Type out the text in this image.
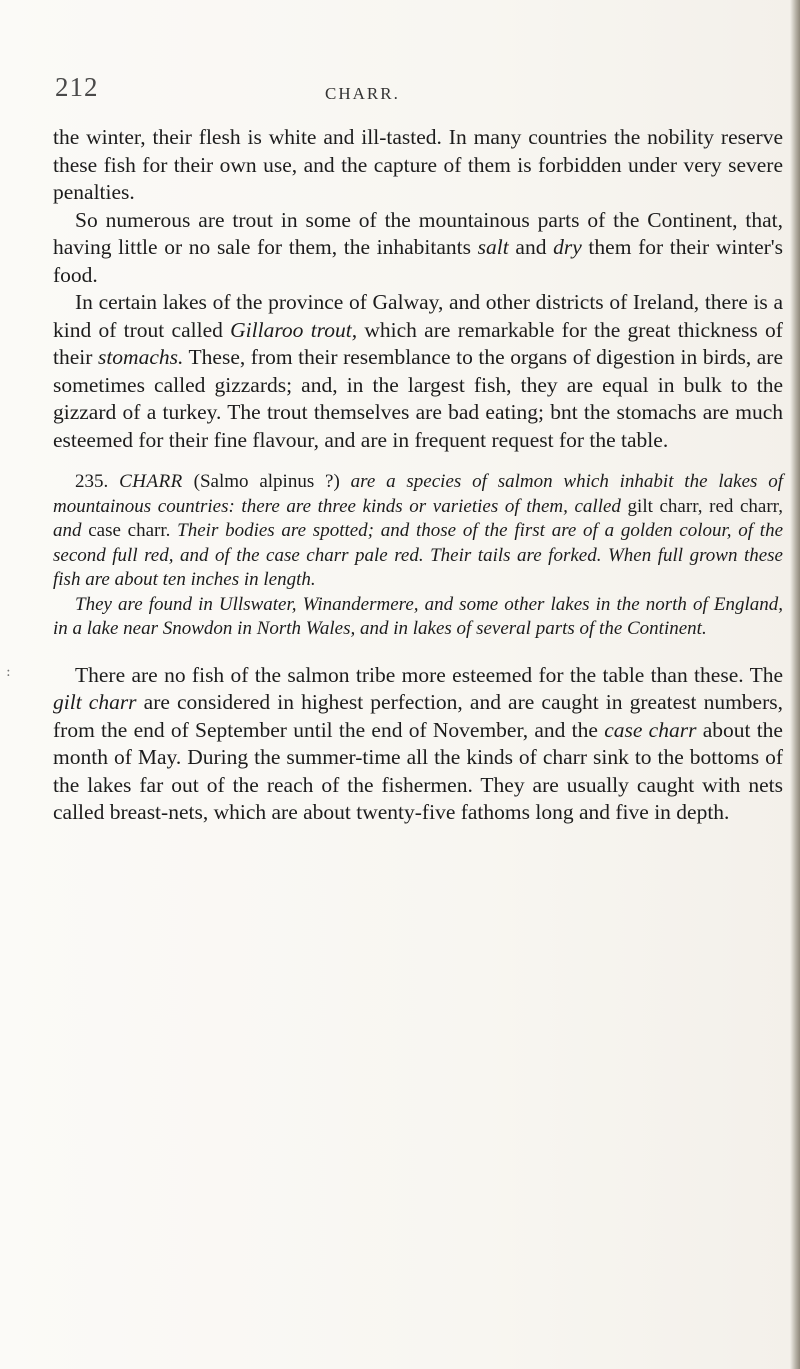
:
212	CHARR.

the winter, their flesh is white and ill-tasted. In many countries the nobility reserve these fish for their own use, and the capture of them is forbidden under very severe penalties.

So numerous are trout in some of the mountainous parts of the Continent, that, having little or no sale for them, the inhabitants salt and dry them for their winter's food.

In certain lakes of the province of Galway, and other districts of Ireland, there is a kind of trout called Gillaroo trout, which are remarkable for the great thickness of their stomachs. These, from their resemblance to the organs of digestion in birds, are sometimes called gizzards; and, in the largest fish, they are equal in bulk to the gizzard of a turkey. The trout themselves are bad eating; bnt the stomachs are much esteemed for their fine flavour, and are in frequent request for the table.

235. CHARR (Salmo alpinus ?) are a species of salmon which inhabit the lakes of mountainous countries: there are three kinds or varieties of them, called gilt charr, red charr, and case charr. Their bodies are spotted; and those of the first are of a golden colour, of the second full red, and of the case charr pale red. Their tails are forked. When full grown these fish are about ten inches in length.

They are found in Ullswater, Winandermere, and some other lakes in the north of England, in a lake near Snowdon in North Wales, and in lakes of several parts of the Continent.

There are no fish of the salmon tribe more esteemed for the table than these. The gilt charr are considered in highest perfection, and are caught in greatest numbers, from the end of September until the end of November, and the case charr about the month of May. During the summer-time all the kinds of charr sink to the bottoms of the lakes far out of the reach of the fishermen. They are usually caught with nets called breast-nets, which are about twenty-five fathoms long and five in depth.
